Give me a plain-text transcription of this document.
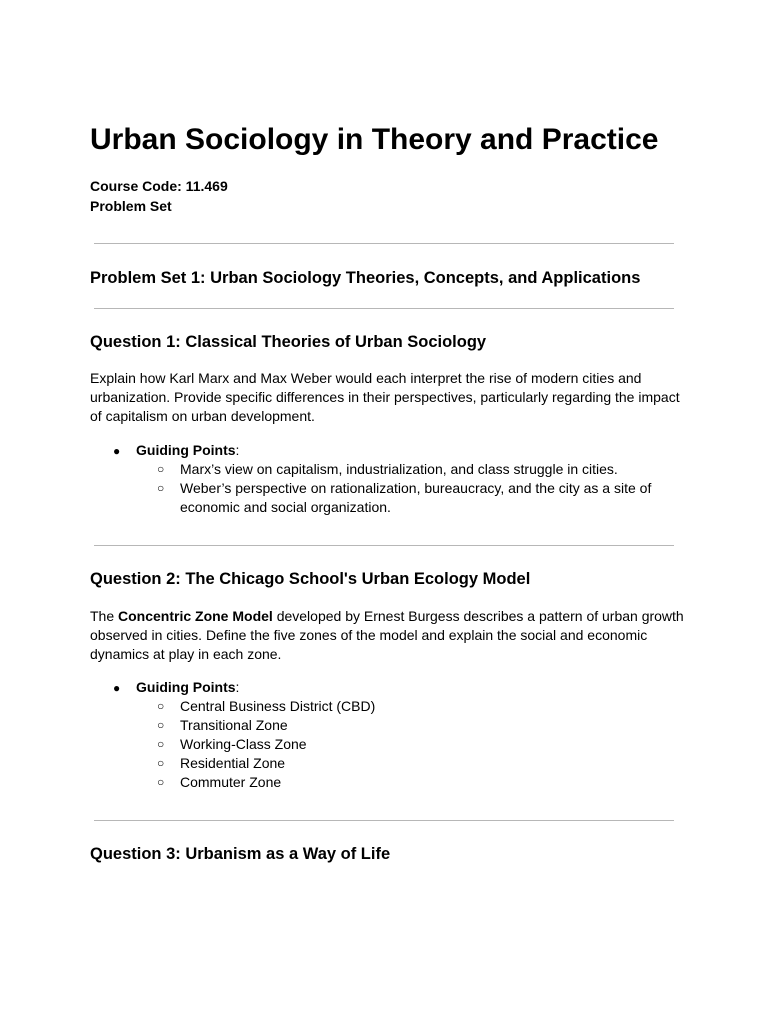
Urban Sociology in Theory and Practice
Course Code: 11.469
Problem Set
Problem Set 1: Urban Sociology Theories, Concepts, and Applications
Question 1: Classical Theories of Urban Sociology

Explain how Karl Marx and Max Weber would each interpret the rise of modern cities and urbanization. Provide specific differences in their perspectives, particularly regarding the impact of capitalism on urban development.

● Guiding Points:
○	Marx’s view on capitalism, industrialization, and class struggle in cities.
○	Weber’s perspective on rationalization, bureaucracy, and the city as a site of economic and social organization.
Question 2: The Chicago School's Urban Ecology Model

The Concentric Zone Model developed by Ernest Burgess describes a pattern of urban growth observed in cities. Define the five zones of the model and explain the social and economic dynamics at play in each zone.

● Guiding Points:
○	Central Business District (CBD)
○	Transitional Zone
○	Working-Class Zone
○	Residential Zone
○	Commuter Zone
Question 3: Urbanism as a Way of Life
